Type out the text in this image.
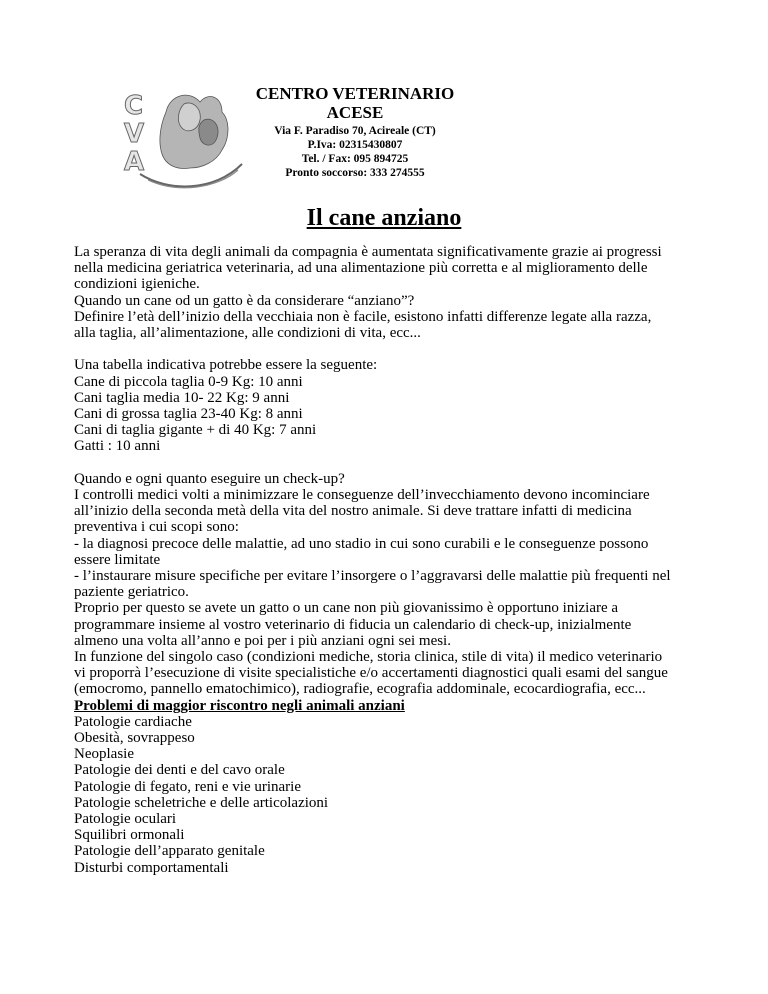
C
V
A
CENTRO VETERINARIO
ACESE
Via F. Paradiso 70, Acireale (CT)
P.Iva: 02315430807
Tel. / Fax: 095 894725
Pronto soccorso: 333 274555
Il cane anziano

La speranza di vita degli animali da compagnia è aumentata significativamente grazie ai progressi

nella medicina geriatrica veterinaria, ad una alimentazione più corretta e al miglioramento delle

condizioni igieniche.

Quando un cane od un gatto è da considerare “anziano”?

Definire l’età dell’inizio della vecchiaia non è facile, esistono infatti differenze legate alla razza,

alla taglia, all’alimentazione, alle condizioni di vita, ecc...

Una tabella indicativa potrebbe essere la seguente:

Cane di piccola taglia 0-9 Kg: 10 anni

Cani taglia media 10- 22 Kg: 9 anni

Cani di grossa taglia 23-40 Kg: 8 anni

Cani di taglia gigante + di 40 Kg: 7 anni

Gatti : 10 anni

Quando e ogni quanto eseguire un check-up?

I controlli medici volti a minimizzare le conseguenze dell’invecchiamento devono incominciare

all’inizio della seconda metà della vita del nostro animale. Si deve trattare infatti di medicina

preventiva i cui scopi sono:

- la diagnosi precoce delle malattie, ad uno stadio in cui sono curabili e le conseguenze possono

essere limitate

- l’instaurare misure specifiche per evitare l’insorgere o l’aggravarsi delle malattie più frequenti nel

paziente geriatrico.

Proprio per questo se avete un gatto o un cane non più giovanissimo è opportuno iniziare a

programmare insieme al vostro veterinario di fiducia un calendario di check-up, inizialmente

almeno una volta all’anno e poi per i più anziani ogni sei mesi.

In funzione del singolo caso (condizioni mediche, storia clinica, stile di vita) il medico veterinario

vi proporrà l’esecuzione di visite specialistiche e/o accertamenti diagnostici quali esami del sangue

(emocromo, pannello ematochimico), radiografie, ecografia addominale, ecocardiografia, ecc...

Problemi di maggior riscontro negli animali anziani

Patologie cardiache

Obesità, sovrappeso

Neoplasie

Patologie dei denti e del cavo orale

Patologie di fegato, reni e vie urinarie

Patologie scheletriche e delle articolazioni

Patologie oculari

Squilibri ormonali

Patologie dell’apparato genitale

Disturbi comportamentali
